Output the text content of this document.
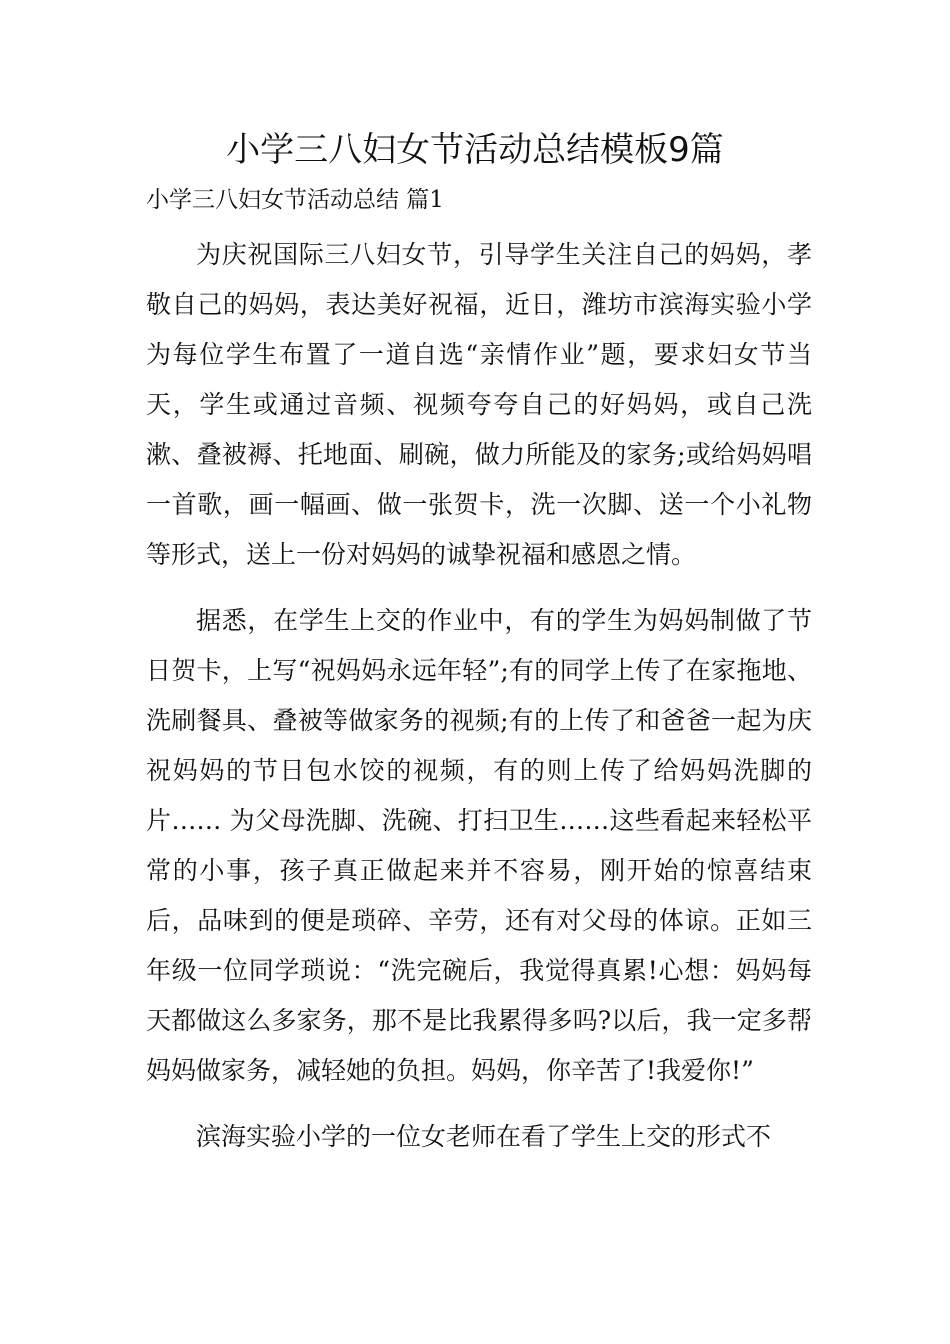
小学三八妇女节活动总结模板9篇
小学三八妇女节活动总结 篇1

为庆祝国际三八妇女节，引导学生关注自己的妈妈，孝敬自己的妈妈，表达美好祝福，近日，潍坊市滨海实验小学为每位学生布置了一道自选“亲情作业”题，要求妇女节当天，学生或通过音频、视频夸夸自己的好妈妈，或自己洗漱、叠被褥、托地面、刷碗，做力所能及的家务;或给妈妈唱一首歌，画一幅画、做一张贺卡，洗一次脚、送一个小礼物等形式，送上一份对妈妈的诚挚祝福和感恩之情。

据悉，在学生上交的作业中，有的学生为妈妈制做了节日贺卡，上写“祝妈妈永远年轻”;有的同学上传了在家拖地、洗刷餐具、叠被等做家务的视频;有的上传了和爸爸一起为庆祝妈妈的节日包水饺的视频，有的则上传了给妈妈洗脚的片…… 为父母洗脚、洗碗、打扫卫生……这些看起来轻松平常的小事，孩子真正做起来并不容易，刚开始的惊喜结束后，品味到的便是琐碎、辛劳，还有对父母的体谅。正如三年级一位同学琐说：“洗完碗后，我觉得真累!心想：妈妈每天都做这么多家务，那不是比我累得多吗?以后，我一定多帮妈妈做家务，减轻她的负担。妈妈，你辛苦了!我爱你!”

滨海实验小学的一位女老师在看了学生上交的形式不
